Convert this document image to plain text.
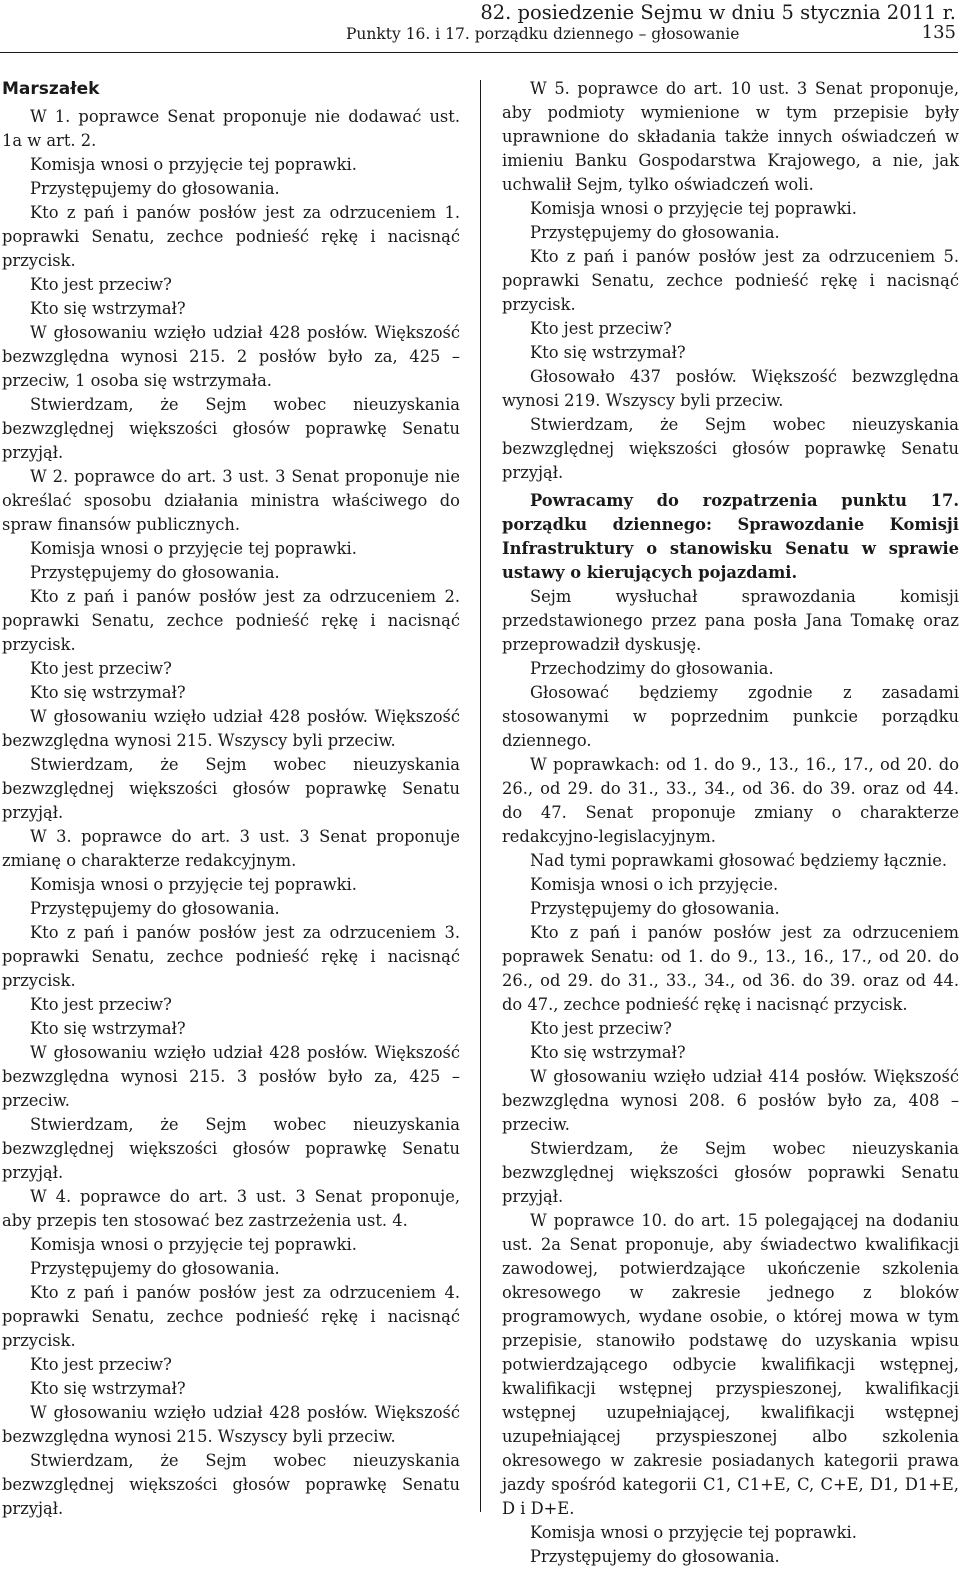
82. posiedzenie Sejmu w dniu 5 stycznia 2011 r.
Punkty 16. i 17. porządku dziennego – głosowanie	135
Marszałek

W 1. poprawce Senat proponuje nie dodawać ust. 1a w art. 2.

Komisja wnosi o przyjęcie tej poprawki.

Przystępujemy do głosowania.

Kto z pań i panów posłów jest za odrzuceniem 1. poprawki Senatu, zechce podnieść rękę i nacisnąć przycisk.

Kto jest przeciw?

Kto się wstrzymał?

W głosowaniu wzięło udział 428 posłów. Większość bezwzględna wynosi 215. 2 posłów było za, 425 – przeciw, 1 osoba się wstrzymała.

Stwierdzam, że Sejm wobec nieuzyskania bezwzględnej większości głosów poprawkę Senatu przyjął.

W 2. poprawce do art. 3 ust. 3 Senat proponuje nie określać sposobu działania ministra właściwego do spraw finansów publicznych.

Komisja wnosi o przyjęcie tej poprawki.

Przystępujemy do głosowania.

Kto z pań i panów posłów jest za odrzuceniem 2. poprawki Senatu, zechce podnieść rękę i nacisnąć przycisk.

Kto jest przeciw?

Kto się wstrzymał?

W głosowaniu wzięło udział 428 posłów. Większość bezwzględna wynosi 215. Wszyscy byli przeciw.

Stwierdzam, że Sejm wobec nieuzyskania bezwzględnej większości głosów poprawkę Senatu przyjął.

W 3. poprawce do art. 3 ust. 3 Senat proponuje zmianę o charakterze redakcyjnym.

Komisja wnosi o przyjęcie tej poprawki.

Przystępujemy do głosowania.

Kto z pań i panów posłów jest za odrzuceniem 3. poprawki Senatu, zechce podnieść rękę i nacisnąć przycisk.

Kto jest przeciw?

Kto się wstrzymał?

W głosowaniu wzięło udział 428 posłów. Większość bezwzględna wynosi 215. 3 posłów było za, 425 – przeciw.

Stwierdzam, że Sejm wobec nieuzyskania bezwzględnej większości głosów poprawkę Senatu przyjął.

W 4. poprawce do art. 3 ust. 3 Senat proponuje, aby przepis ten stosować bez zastrzeżenia ust. 4.

Komisja wnosi o przyjęcie tej poprawki.

Przystępujemy do głosowania.

Kto z pań i panów posłów jest za odrzuceniem 4. poprawki Senatu, zechce podnieść rękę i nacisnąć przycisk.

Kto jest przeciw?

Kto się wstrzymał?

W głosowaniu wzięło udział 428 posłów. Większość bezwzględna wynosi 215. Wszyscy byli przeciw.

Stwierdzam, że Sejm wobec nieuzyskania bezwzględnej większości głosów poprawkę Senatu przyjął.

W 5. poprawce do art. 10 ust. 3 Senat proponuje, aby podmioty wymienione w tym przepisie były uprawnione do składania także innych oświadczeń w imieniu Banku Gospodarstwa Krajowego, a nie, jak uchwalił Sejm, tylko oświadczeń woli.

Komisja wnosi o przyjęcie tej poprawki.

Przystępujemy do głosowania.

Kto z pań i panów posłów jest za odrzuceniem 5. poprawki Senatu, zechce podnieść rękę i nacisnąć przycisk.

Kto jest przeciw?

Kto się wstrzymał?

Głosowało 437 posłów. Większość bezwzględna wynosi 219. Wszyscy byli przeciw.

Stwierdzam, że Sejm wobec nieuzyskania bezwzględnej większości głosów poprawkę Senatu przyjął.

Powracamy do rozpatrzenia punktu 17. porządku dziennego: Sprawozdanie Komisji Infrastruktury o stanowisku Senatu w sprawie ustawy o kierujących pojazdami.

Sejm wysłuchał sprawozdania komisji przedstawionego przez pana posła Jana Tomakę oraz przeprowadził dyskusję.

Przechodzimy do głosowania.

Głosować będziemy zgodnie z zasadami stosowanymi w poprzednim punkcie porządku dziennego.

W poprawkach: od 1. do 9., 13., 16., 17., od 20. do 26., od 29. do 31., 33., 34., od 36. do 39. oraz od 44. do 47. Senat proponuje zmiany o charakterze redakcyjno-legislacyjnym.

Nad tymi poprawkami głosować będziemy łącznie.

Komisja wnosi o ich przyjęcie.

Przystępujemy do głosowania.

Kto z pań i panów posłów jest za odrzuceniem poprawek Senatu: od 1. do 9., 13., 16., 17., od 20. do 26., od 29. do 31., 33., 34., od 36. do 39. oraz od 44. do 47., zechce podnieść rękę i nacisnąć przycisk.

Kto jest przeciw?

Kto się wstrzymał?

W głosowaniu wzięło udział 414 posłów. Większość bezwzględna wynosi 208. 6 posłów było za, 408 – przeciw.

Stwierdzam, że Sejm wobec nieuzyskania bezwzględnej większości głosów poprawki Senatu przyjął.

W poprawce 10. do art. 15 polegającej na dodaniu ust. 2a Senat proponuje, aby świadectwo kwalifikacji zawodowej, potwierdzające ukończenie szkolenia okresowego w zakresie jednego z bloków programowych, wydane osobie, o której mowa w tym przepisie, stanowiło podstawę do uzyskania wpisu potwierdzającego odbycie kwalifikacji wstępnej, kwalifikacji wstępnej przyspieszonej, kwalifikacji wstępnej uzupełniającej, kwalifikacji wstępnej uzupełniającej przyspieszonej albo szkolenia okresowego w zakresie posiadanych kategorii prawa jazdy spośród kategorii C1, C1+E, C, C+E, D1, D1+E, D i D+E.

Komisja wnosi o przyjęcie tej poprawki.

Przystępujemy do głosowania.
